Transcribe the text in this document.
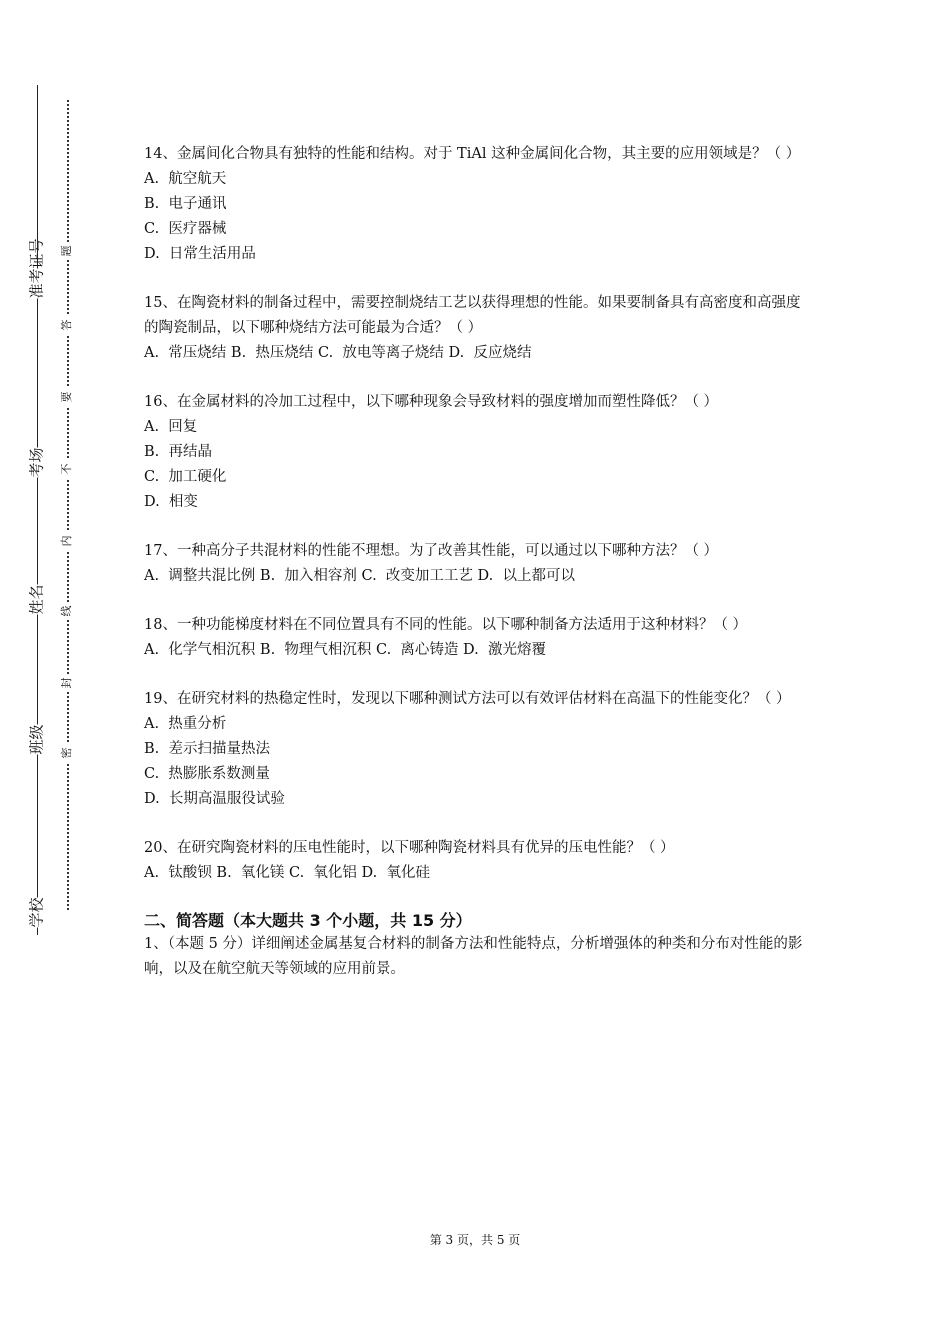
准考证号
考场
姓名
班级
学校
题
答
要
不
内
线
封
密

14、金属间化合物具有独特的性能和结构。对于 TiAl 这种金属间化合物，其主要的应用领域是？（ ）

A.  航空航天

B.  电子通讯

C.  医疗器械

D.  日常生活用品

15、在陶瓷材料的制备过程中，需要控制烧结工艺以获得理想的性能。如果要制备具有高密度和高强度的陶瓷制品，以下哪种烧结方法可能最为合适？（ ）

A.  常压烧结 B.  热压烧结 C.  放电等离子烧结 D.  反应烧结

16、在金属材料的冷加工过程中，以下哪种现象会导致材料的强度增加而塑性降低？（ ）

A.  回复

B.  再结晶

C.  加工硬化

D.  相变

17、一种高分子共混材料的性能不理想。为了改善其性能，可以通过以下哪种方法？（ ）

A.  调整共混比例 B.  加入相容剂 C.  改变加工工艺 D.  以上都可以

18、一种功能梯度材料在不同位置具有不同的性能。以下哪种制备方法适用于这种材料？（ ）

A.  化学气相沉积 B.  物理气相沉积 C.  离心铸造 D.  激光熔覆

19、在研究材料的热稳定性时，发现以下哪种测试方法可以有效评估材料在高温下的性能变化？（ ）

A.  热重分析

B.  差示扫描量热法

C.  热膨胀系数测量

D.  长期高温服役试验

20、在研究陶瓷材料的压电性能时，以下哪种陶瓷材料具有优异的压电性能？（ ）

A.  钛酸钡 B.  氧化镁 C.  氧化铝 D.  氧化硅

二、简答题（本大题共 3 个小题，共 15 分）

1、（本题 5 分）详细阐述金属基复合材料的制备方法和性能特点，分析增强体的种类和分布对性能的影响，以及在航空航天等领域的应用前景。

第 3 页，共 5 页
